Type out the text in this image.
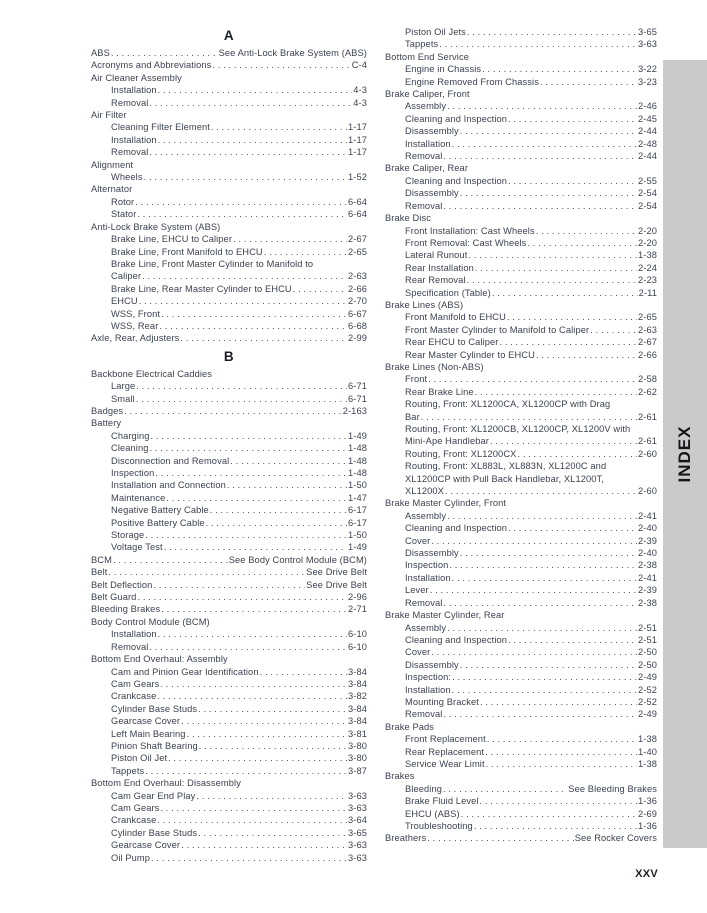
A
ABS . . .	See Anti-Lock Brake System (ABS)
Acronyms and Abbreviations . . .	C-4
Air Cleaner Assembly
Installation . . .	4-3
Removal . . .	4-3
Air Filter
Cleaning Filter Element . . .	1-17
Installation . . .	1-17
Removal . . .	1-17
Alignment
Wheels . . .	1-52
Alternator
Rotor . . .	6-64
Stator . . .	6-64
Anti-Lock Brake System (ABS)
Brake Line, EHCU to Caliper . . .	2-67
Brake Line, Front Manifold to EHCU . . .	2-65
Brake Line, Front Master Cylinder to Manifold to
Caliper . . .	2-63
Brake Line, Rear Master Cylinder to EHCU . . .	2-66
EHCU . . .	2-70
WSS, Front . . .	6-67
WSS, Rear . . .	6-68
Axle, Rear, Adjusters . . .	2-99
B
Backbone Electrical Caddies
Large . . .	6-71
Small . . .	6-71
Badges . . .	2-163
Battery
Charging . . .	1-49
Cleaning . . .	1-48
Disconnection and Removal . . .	1-48
Inspection . . .	1-48
Installation and Connection . . .	1-50
Maintenance . . .	1-47
Negative Battery Cable . . .	6-17
Positive Battery Cable . . .	6-17
Storage . . .	1-50
Voltage Test . . .	1-49
BCM . . .	See Body Control Module (BCM)
Belt . . .	See Drive Belt
Belt Deflection . . .	See Drive Belt
Belt Guard . . .	2-96
Bleeding Brakes . . .	2-71
Body Control Module (BCM)
Installation . . .	6-10
Removal . . .	6-10
Bottom End Overhaul: Assembly
Cam and Pinion Gear Identification . . .	3-84
Cam Gears . . .	3-84
Crankcase . . .	3-82
Cylinder Base Studs . . .	3-84
Gearcase Cover . . .	3-84
Left Main Bearing . . .	3-81
Pinion Shaft Bearing . . .	3-80
Piston Oil Jet . . .	3-80
Tappets . . .	3-87
Bottom End Overhaul: Disassembly
Cam Gear End Play . . .	3-63
Cam Gears . . .	3-63
Crankcase . . .	3-64
Cylinder Base Studs . . .	3-65
Gearcase Cover . . .	3-63
Oil Pump . . .	3-63
Piston Oil Jets . . .	3-65
Tappets . . .	3-63
Bottom End Service
Engine in Chassis . . .	3-22
Engine Removed From Chassis . . .	3-23
Brake Caliper, Front
Assembly . . .	2-46
Cleaning and Inspection . . .	2-45
Disassembly . . .	2-44
Installation . . .	2-48
Removal . . .	2-44
Brake Caliper, Rear
Cleaning and Inspection . . .	2-55
Disassembly . . .	2-54
Removal . . .	2-54
Brake Disc
Front Installation: Cast Wheels . . .	2-20
Front Removal: Cast Wheels . . .	2-20
Lateral Runout . . .	1-38
Rear Installation . . .	2-24
Rear Removal . . .	2-23
Specification (Table) . . .	2-11
Brake Lines (ABS)
Front Manifold to EHCU . . .	2-65
Front Master Cylinder to Manifold to Caliper . . .	2-63
Rear EHCU to Caliper . . .	2-67
Rear Master Cylinder to EHCU . . .	2-66
Brake Lines (Non-ABS)
Front . . .	2-58
Rear Brake Line . . .	2-62
Routing, Front: XL1200CA, XL1200CP with Drag
Bar . . .	2-61
Routing, Front: XL1200CB, XL1200CP, XL1200V with
Mini-Ape Handlebar . . .	2-61
Routing, Front: XL1200CX . . .	2-60
Routing, Front: XL883L, XL883N, XL1200C and
XL1200CP with Pull Back Handlebar, XL1200T,
XL1200X . . .	2-60
Brake Master Cylinder, Front
Assembly . . .	2-41
Cleaning and Inspection . . .	2-40
Cover . . .	2-39
Disassembly . . .	2-40
Inspection . . .	2-38
Installation . . .	2-41
Lever . . .	2-39
Removal . . .	2-38
Brake Master Cylinder, Rear
Assembly . . .	2-51
Cleaning and Inspection . . .	2-51
Cover . . .	2-50
Disassembly . . .	2-50
Inspection: . . .	2-49
Installation . . .	2-52
Mounting Bracket . . .	2-52
Removal . . .	2-49
Brake Pads
Front Replacement . . .	1-38
Rear Replacement . . .	1-40
Service Wear Limit . . .	1-38
Brakes
Bleeding . . .	See Bleeding Brakes
Brake Fluid Level . . .	1-36
EHCU (ABS) . . .	2-69
Troubleshooting . . .	1-36
Breathers . . .	See Rocker Covers
INDEX
XXV
